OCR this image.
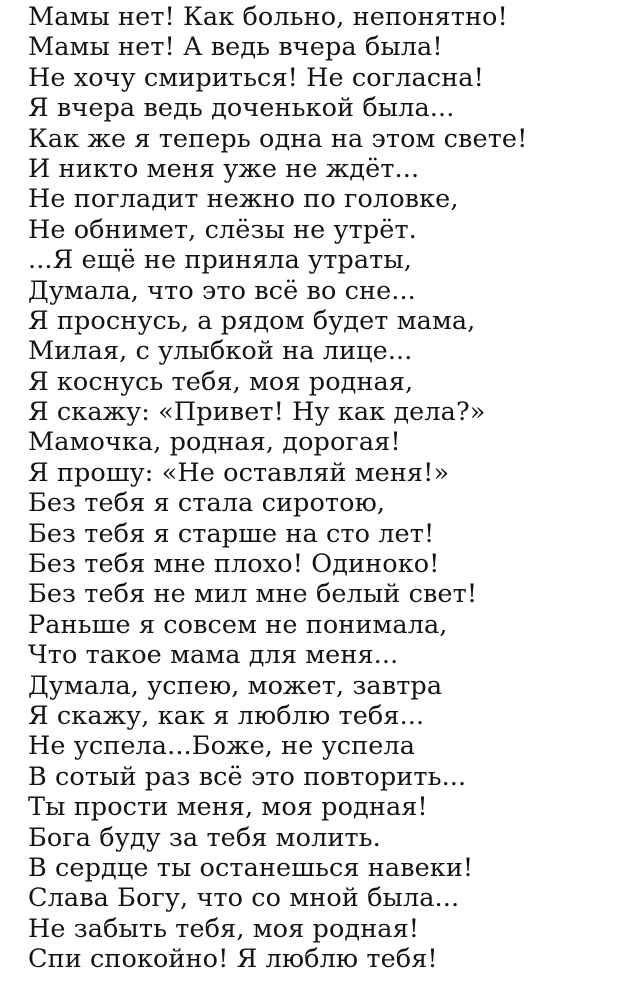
Мамы нет! Как больно, непонятно!
Мамы нет! А ведь вчера была!
Не хочу смириться! Не согласна!
Я вчера ведь доченькой была...
Как же я теперь одна на этом свете!
И никто меня уже не ждёт...
Не погладит нежно по головке,
Не обнимет, слёзы не утрёт.
...Я ещё не приняла утраты,
Думала, что это всё во сне...
Я проснусь, а рядом будет мама,
Милая, с улыбкой на лице...
Я коснусь тебя, моя родная,
Я скажу: «Привет! Ну как дела?»
Мамочка, родная, дорогая!
Я прошу: «Не оставляй меня!»
Без тебя я стала сиротою,
Без тебя я старше на сто лет!
Без тебя мне плохо! Одиноко!
Без тебя не мил мне белый свет!
Раньше я совсем не понимала,
Что такое мама для меня...
Думала, успею, может, завтра
Я скажу, как я люблю тебя...
Не успела...Боже, не успела
В сотый раз всё это повторить...
Ты прости меня, моя родная!
Бога буду за тебя молить.
В сердце ты останешься навеки!
Слава Богу, что со мной была...
Не забыть тебя, моя родная!
Спи спокойно! Я люблю тебя!
